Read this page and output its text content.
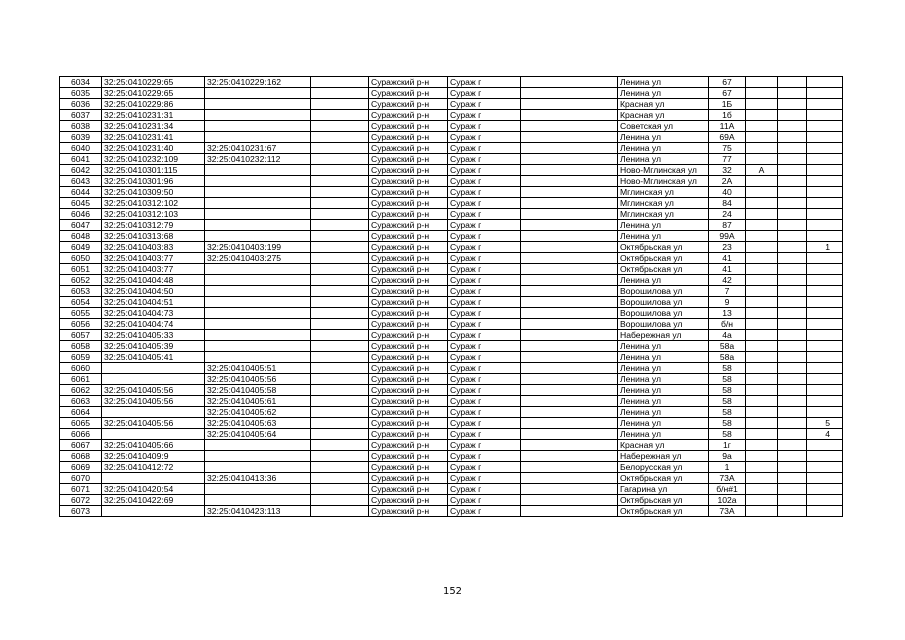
6034	32:25:0410229:65	32:25:0410229:162		Суражский р-н	Сураж г		Ленина ул	67			
6035	32:25:0410229:65			Суражский р-н	Сураж г		Ленина ул	67			
6036	32:25:0410229:86			Суражский р-н	Сураж г		Красная ул	1Б			
6037	32:25:0410231:31			Суражский р-н	Сураж г		Красная ул	1б			
6038	32:25:0410231:34			Суражский р-н	Сураж г		Советская ул	11А			
6039	32:25:0410231:41			Суражский р-н	Сураж г		Ленина ул	69А			
6040	32:25:0410231:40	32:25:0410231:67		Суражский р-н	Сураж г		Ленина ул	75			
6041	32:25:0410232:109	32:25:0410232:112		Суражский р-н	Сураж г		Ленина ул	77			
6042	32:25:0410301:115			Суражский р-н	Сураж г		Ново-Мглинская ул	32	А		
6043	32:25:0410301:96			Суражский р-н	Сураж г		Ново-Мглинская ул	2А			
6044	32:25:0410309:50			Суражский р-н	Сураж г		Мглинская ул	40			
6045	32:25:0410312:102			Суражский р-н	Сураж г		Мглинская ул	84			
6046	32:25:0410312:103			Суражский р-н	Сураж г		Мглинская ул	24			
6047	32:25:0410312:79			Суражский р-н	Сураж г		Ленина ул	87			
6048	32:25:0410313:68			Суражский р-н	Сураж г		Ленина ул	99А			
6049	32:25:0410403:83	32:25:0410403:199		Суражский р-н	Сураж г		Октябрьская ул	23			1
6050	32:25:0410403:77	32:25:0410403:275		Суражский р-н	Сураж г		Октябрьская ул	41			
6051	32:25:0410403:77			Суражский р-н	Сураж г		Октябрьская ул	41			
6052	32:25:0410404:48			Суражский р-н	Сураж г		Ленина ул	42			
6053	32:25:0410404:50			Суражский р-н	Сураж г		Ворошилова ул	7			
6054	32:25:0410404:51			Суражский р-н	Сураж г		Ворошилова ул	9			
6055	32:25:0410404:73			Суражский р-н	Сураж г		Ворошилова ул	13			
6056	32:25:0410404:74			Суражский р-н	Сураж г		Ворошилова ул	б/н			
6057	32:25:0410405:33			Суражский р-н	Сураж г		Набережная ул	4а			
6058	32:25:0410405:39			Суражский р-н	Сураж г		Ленина ул	58а			
6059	32:25:0410405:41			Суражский р-н	Сураж г		Ленина ул	58а			
6060		32:25:0410405:51		Суражский р-н	Сураж г		Ленина ул	58			
6061		32:25:0410405:56		Суражский р-н	Сураж г		Ленина ул	58			
6062	32:25:0410405:56	32:25:0410405:58		Суражский р-н	Сураж г		Ленина ул	58			
6063	32:25:0410405:56	32:25:0410405:61		Суражский р-н	Сураж г		Ленина ул	58			
6064		32:25:0410405:62		Суражский р-н	Сураж г		Ленина ул	58			
6065	32:25:0410405:56	32:25:0410405:63		Суражский р-н	Сураж г		Ленина ул	58			5
6066		32:25:0410405:64		Суражский р-н	Сураж г		Ленина ул	58			4
6067	32:25:0410405:66			Суражский р-н	Сураж г		Красная ул	1г			
6068	32:25:0410409:9			Суражский р-н	Сураж г		Набережная ул	9а			
6069	32:25:0410412:72			Суражский р-н	Сураж г		Белорусская ул	1			
6070		32:25:0410413:36		Суражский р-н	Сураж г		Октябрьская ул	73А			
6071	32:25:0410420:54			Суражский р-н	Сураж г		Гагарина ул	б/н#1			
6072	32:25:0410422:69			Суражский р-н	Сураж г		Октябрьская ул	102а			
6073		32:25:0410423:113		Суражский р-н	Сураж г		Октябрьская ул	73А			
152
